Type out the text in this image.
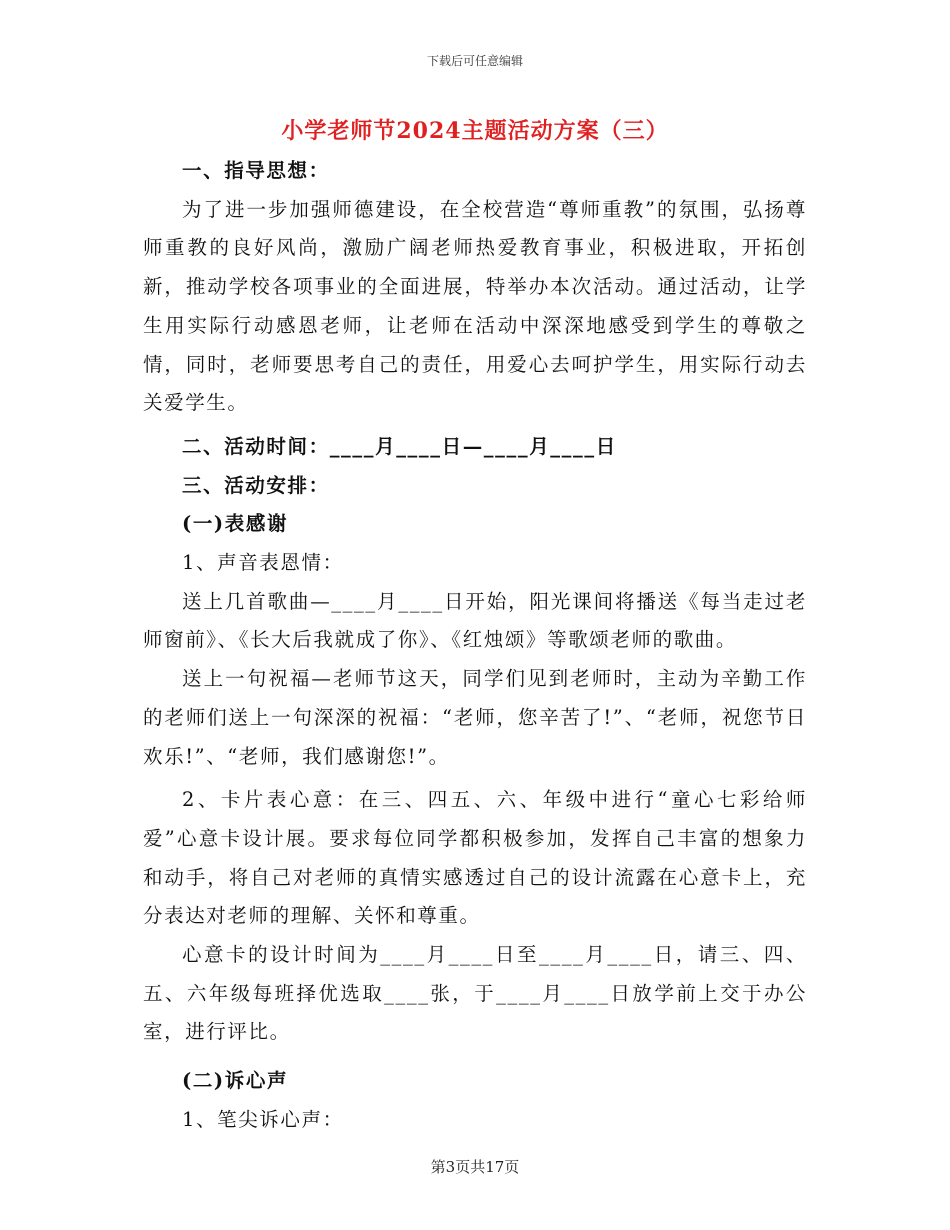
下载后可任意编辑
小学老师节2024主题活动方案（三）

一、指导思想：

为了进一步加强师德建设，在全校营造“尊师重教”的氛围，弘扬尊师重教的良好风尚，激励广阔老师热爱教育事业，积极进取，开拓创新，推动学校各项事业的全面进展，特举办本次活动。通过活动，让学生用实际行动感恩老师，让老师在活动中深深地感受到学生的尊敬之情，同时，老师要思考自己的责任，用爱心去呵护学生，用实际行动去关爱学生。

二、活动时间：____月____日—____月____日

三、活动安排：

(一)表感谢

1、声音表恩情：

送上几首歌曲—____月____日开始，阳光课间将播送《每当走过老师窗前》、《长大后我就成了你》、《红烛颂》等歌颂老师的歌曲。

送上一句祝福—老师节这天，同学们见到老师时，主动为辛勤工作的老师们送上一句深深的祝福：“老师，您辛苦了!”、“老师，祝您节日欢乐!”、“老师，我们感谢您!”。

2、卡片表心意：在三、四五、六、年级中进行“童心七彩给师爱”心意卡设计展。要求每位同学都积极参加，发挥自己丰富的想象力和动手，将自己对老师的真情实感透过自己的设计流露在心意卡上，充分表达对老师的理解、关怀和尊重。

心意卡的设计时间为____月____日至____月____日，请三、四、五、六年级每班择优选取____张，于____月____日放学前上交于办公室，进行评比。

(二)诉心声

1、笔尖诉心声：

第3页共17页
